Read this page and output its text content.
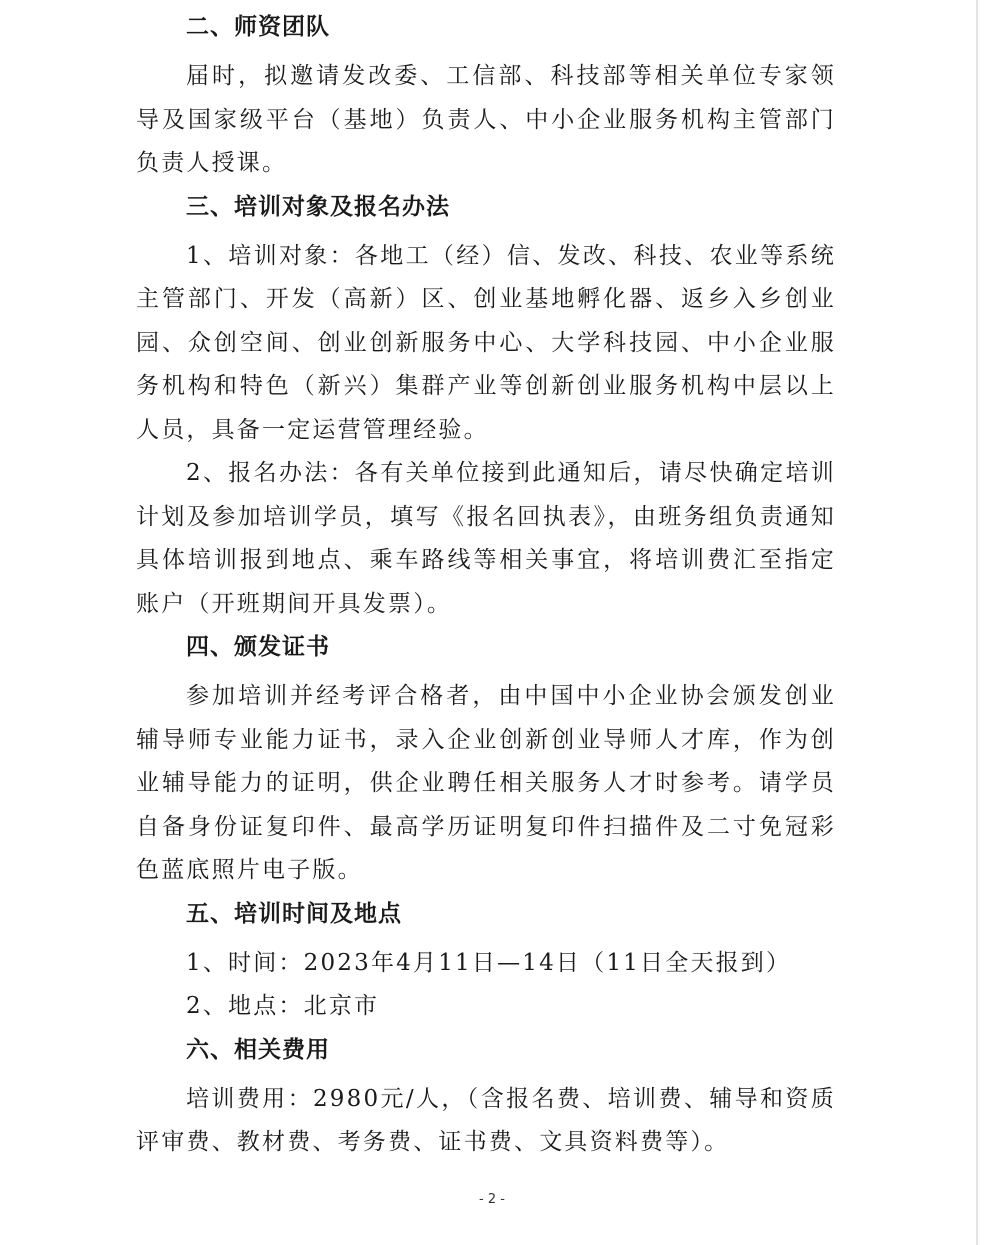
二、师资团队

届时，拟邀请发改委、工信部、科技部等相关单位专家领导及国家级平台（基地）负责人、中小企业服务机构主管部门负责人授课。

三、培训对象及报名办法

1、培训对象：各地工（经）信、发改、科技、农业等系统主管部门、开发（高新）区、创业基地孵化器、返乡入乡创业园、众创空间、创业创新服务中心、大学科技园、中小企业服务机构和特色（新兴）集群产业等创新创业服务机构中层以上人员，具备一定运营管理经验。

2、报名办法：各有关单位接到此通知后，请尽快确定培训计划及参加培训学员，填写《报名回执表》，由班务组负责通知具体培训报到地点、乘车路线等相关事宜，将培训费汇至指定账户（开班期间开具发票）。

四、颁发证书

参加培训并经考评合格者，由中国中小企业协会颁发创业辅导师专业能力证书，录入企业创新创业导师人才库，作为创业辅导能力的证明，供企业聘任相关服务人才时参考。请学员自备身份证复印件、最高学历证明复印件扫描件及二寸免冠彩色蓝底照片电子版。

五、培训时间及地点

1、时间：2023年4月11日—14日（11日全天报到）

2、地点：北京市

六、相关费用

培训费用：2980元/人，（含报名费、培训费、辅导和资质评审费、教材费、考务费、证书费、文具资料费等）。

- 2 -
